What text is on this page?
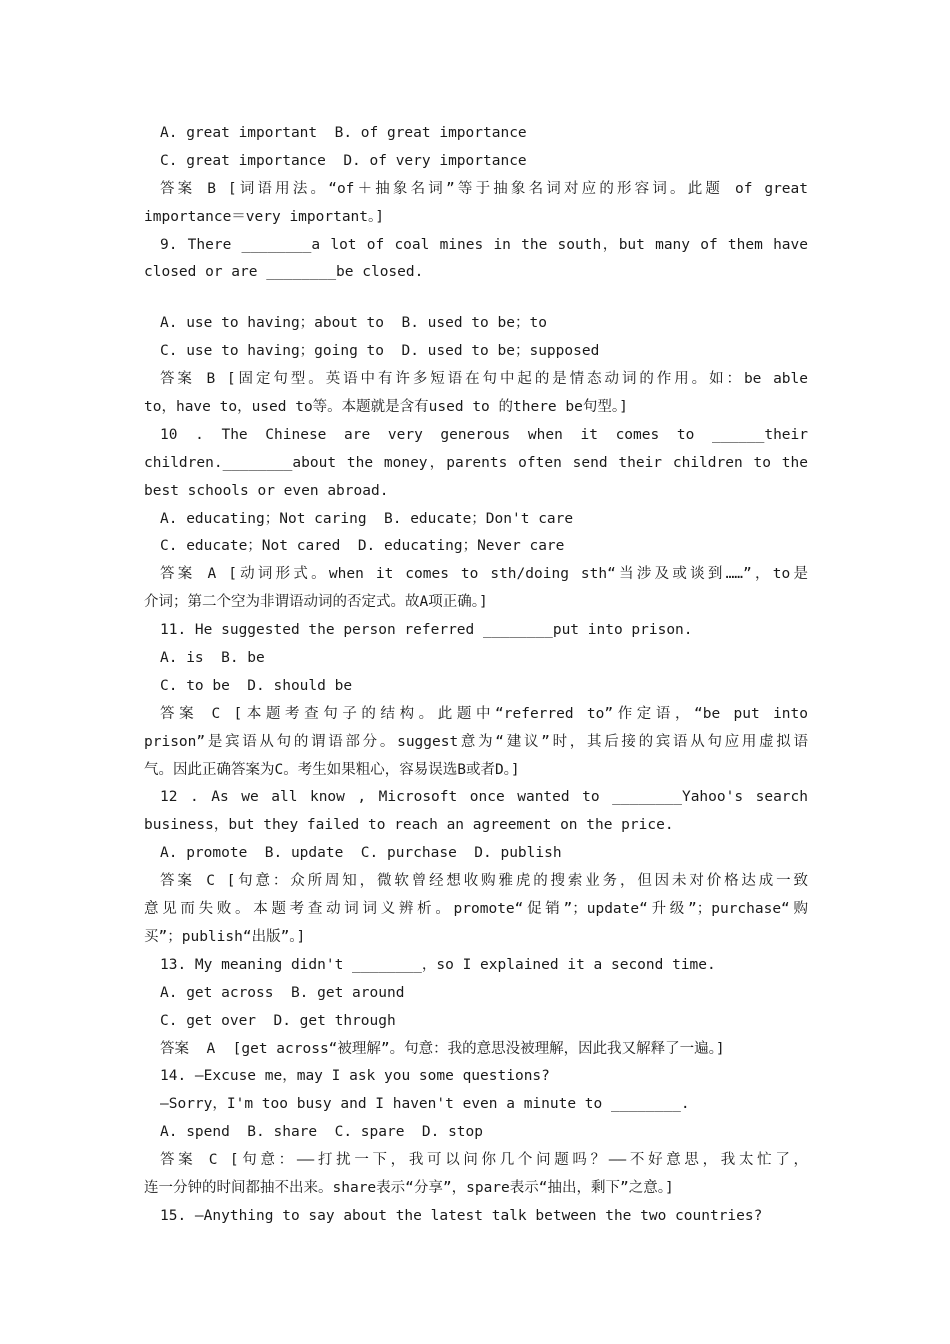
A. great important  B. of great importance
C. great importance  D. of very importance
答案 B [词语用法。“of＋抽象名词”等于抽象名词对应的形容词。此题 of great
importance＝very important。]
9. There ________a lot of coal mines in the south，but many of them have
closed or are ________be closed.
A. use to having；about to  B. used to be；to
C. use to having；going to  D. used to be；supposed
答案 B [固定句型。英语中有许多短语在句中起的是情态动词的作用。如：be able
to，have to，used to等。本题就是含有used to 的there be句型。]
10 . The Chinese are very generous when it comes to ______their
children.________about the money，parents often send their children to the
best schools or even abroad.
A. educating；Not caring  B. educate；Don't care
C. educate；Not cared  D. educating；Never care
答案 A [动词形式。when it comes to sth/doing sth“当涉及或谈到……”，to是
介词；第二个空为非谓语动词的否定式。故A项正确。]
11. He suggested the person referred ________put into prison.
A. is  B. be
C. to be  D. should be
答案 C [本题考查句子的结构。此题中“referred to”作定语，“be put into
prison”是宾语从句的谓语部分。suggest意为“建议”时，其后接的宾语从句应用虚拟语
气。因此正确答案为C。考生如果粗心，容易误选B或者D。]
12 . As we all know , Microsoft once wanted to ________Yahoo's search
business，but they failed to reach an agreement on the price.
A. promote  B. update  C. purchase  D. publish
答案 C [句意：众所周知，微软曾经想收购雅虎的搜索业务，但因未对价格达成一致
意见而失败。本题考查动词词义辨析。promote“促销”；update“升级”；purchase“购
买”；publish“出版”。]
13. My meaning didn't ________，so I explained it a second time.
A. get across  B. get around
C. get over  D. get through
答案  A  [get across“被理解”。句意：我的意思没被理解，因此我又解释了一遍。]
14. —Excuse me，may I ask you some questions?
—Sorry，I'm too busy and I haven't even a minute to ________.
A. spend  B. share  C. spare  D. stop
答案 C [句意：——打扰一下，我可以问你几个问题吗？——不好意思，我太忙了，
连一分钟的时间都抽不出来。share表示“分享”，spare表示“抽出，剩下”之意。]
15. —Anything to say about the latest talk between the two countries?
